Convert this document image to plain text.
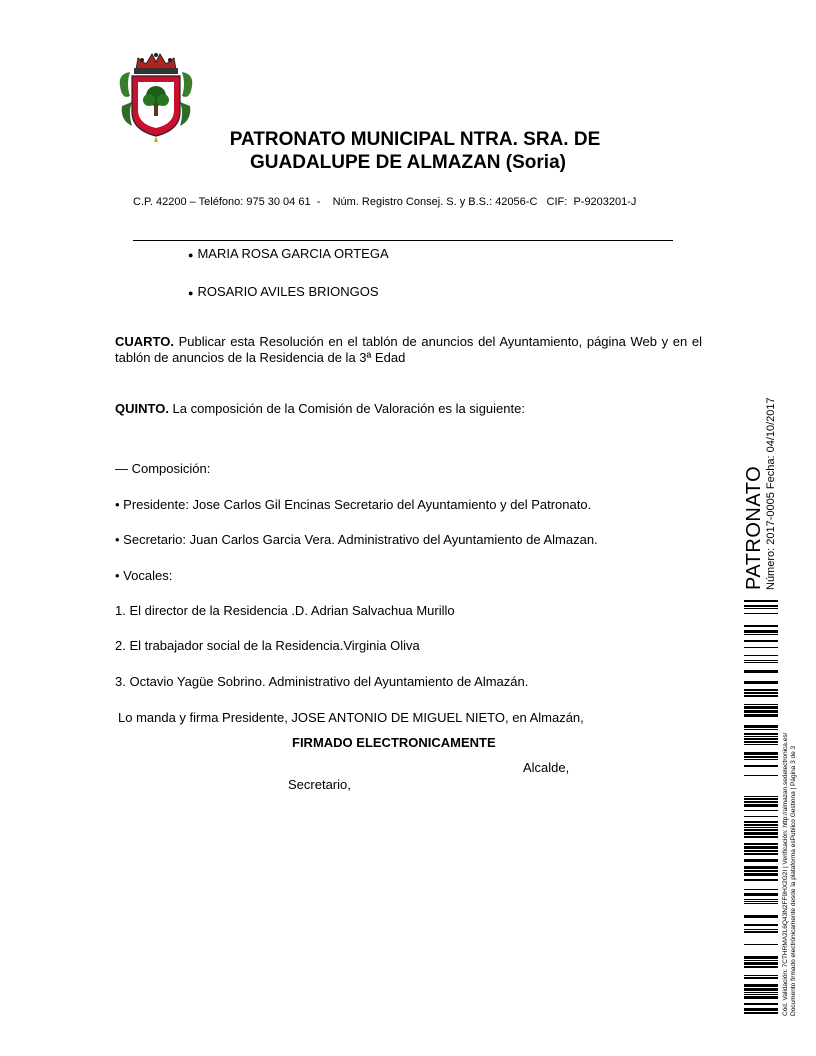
PATRONATO MUNICIPAL NTRA. SRA. DE
GUADALUPE DE ALMAZAN (Soria)
C.P. 42200 – Teléfono: 975 30 04 61  -    Núm. Registro Consej. S. y B.S.: 42056-C   CIF:  P-9203201-J
● MARIA ROSA GARCIA ORTEGA
● ROSARIO AVILES BRIONGOS
CUARTO. Publicar esta Resolución en el tablón de anuncios del Ayuntamiento, página Web y en el tablón de anuncios de la Residencia de la 3ª Edad
QUINTO. La composición de la Comisión de Valoración es la siguiente:
— Composición:
• Presidente: Jose Carlos Gil Encinas Secretario del Ayuntamiento y del Patronato.
• Secretario: Juan Carlos Garcia Vera. Administrativo del Ayuntamiento de Almazan.
• Vocales:
1. El director de la Residencia .D. Adrian Salvachua Murillo
2. El trabajador social de la Residencia.Virginia Oliva
3. Octavio Yagüe Sobrino. Administrativo del Ayuntamiento de Almazán.
Lo manda y firma Presidente, JOSE ANTONIO DE MIGUEL NIETO, en Almazán,
FIRMADO ELECTRONICAMENTE
Alcalde,
Secretario,
PATRONATO Número: 2017-0005 Fecha: 04/10/2017
Cód. Validación: 7CTHRMA2L6Q43N2FF9HX2G2I | Verificación: http://almazan.sedelectronica.es/ Documento firmado electrónicamente desde la plataforma esPublico Gestiona | Página 3 de 3
